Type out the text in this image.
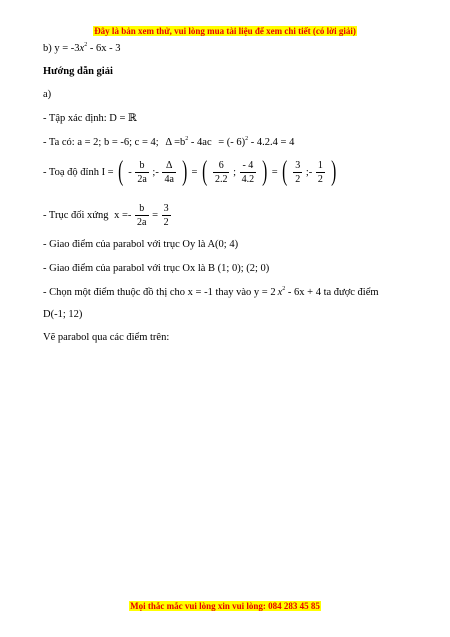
Đây là bản xem thử, vui lòng mua tài liệu để xem chi tiết (có lời giải)
b) $y = -3x^2 - 6x - 3$
Hướng dẫn giải
a)
- Tập xác định: D = ℝ
- Ta có: a = 2; b = -6; c = 4; $\Delta =b^2 - 4ac$ = (- 6)$^2$ - 4.2.4 = 4
- Toạ độ đỉnh I = ( - $\frac{b}{2a}$ ;- $\frac{\Delta}{4a}$ ) = ( $\frac{6}{2.2}$ ; $\frac{- 4}{4.2}$ ) = ( $\frac{3}{2}$ ;- $\frac{1}{2}$ )
- Trục đối xứng $x =- \frac{b}{2a} = \frac{3}{2}$
- Giao điểm của parabol với trục Oy là A(0; 4)
- Giao điểm của parabol với trục Ox là B (1; 0); (2; 0)
- Chọn một điểm thuộc đồ thị cho x = -1 thay vào y = 2 $x^2 - 6x + 4$ ta được điểm
D(-1; 12)
Vẽ parabol qua các điểm trên:
Mọi thắc mắc vui lòng xin vui lòng: 084 283 45 85
